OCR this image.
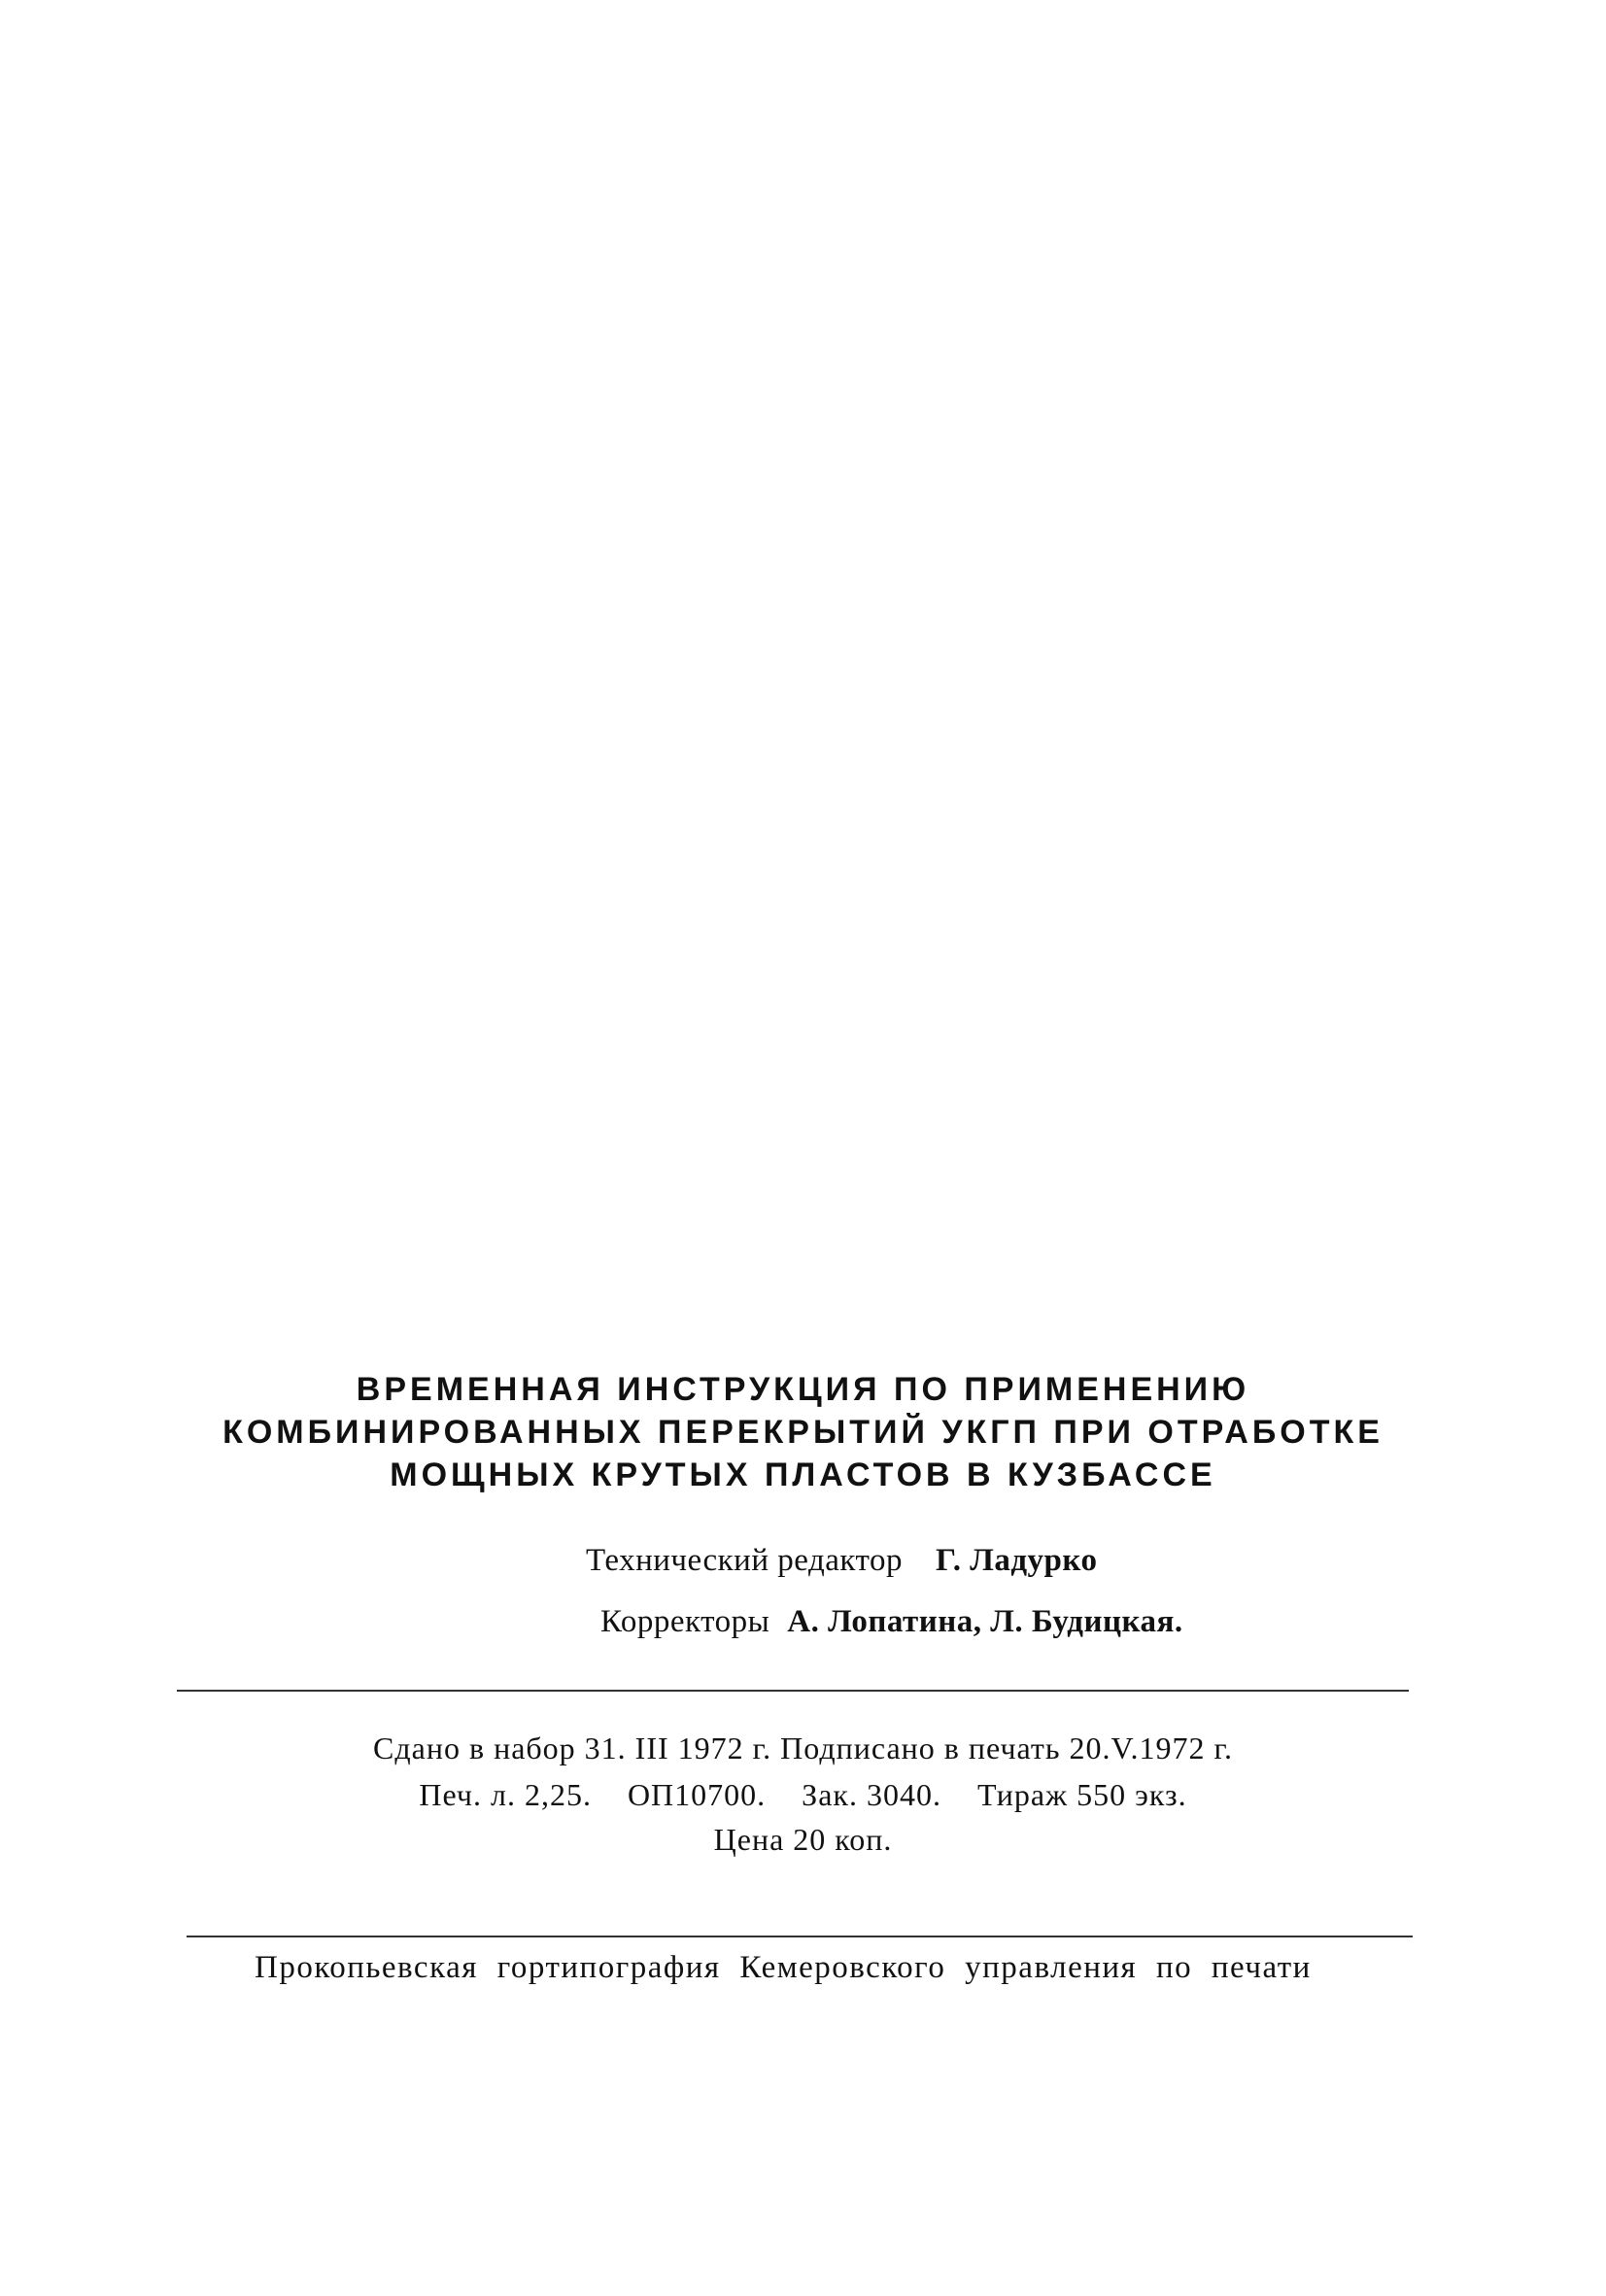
ВРЕМЕННАЯ ИНСТРУКЦИЯ ПО ПРИМЕНЕНИЮ
КОМБИНИРОВАННЫХ ПЕРЕКРЫТИЙ УКГП ПРИ ОТРАБОТКЕ
МОЩНЫХ КРУТЫХ ПЛАСТОВ В КУЗБАССЕ
Технический редактор Г. Ладурко
Корректоры А. Лопатина, Л. Будицкая.
Сдано в набор 31. III 1972 г. Подписано в печать 20.V.1972 г.
Печ. л. 2,25. ОП10700. Зак. 3040. Тираж 550 экз.
Цена 20 коп.
Прокопьевская гортипография Кемеровского управления по печати
